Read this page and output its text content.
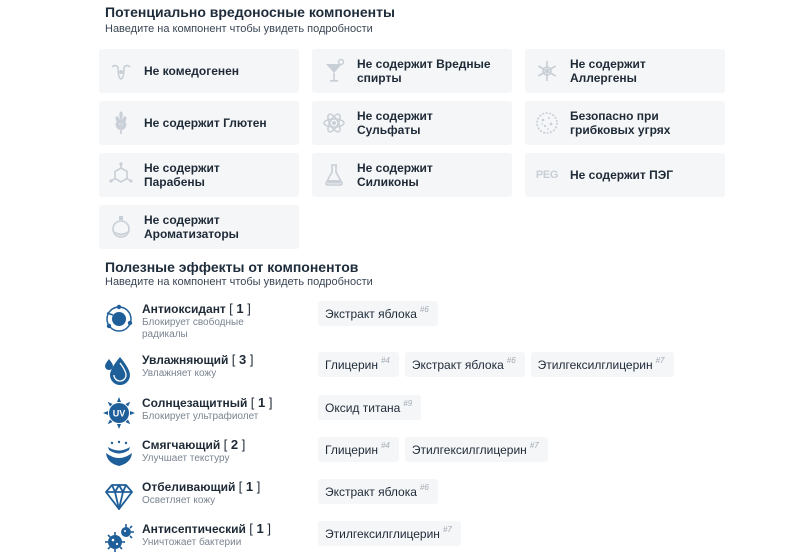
Потенциально вредоносные компоненты
Наведите на компонент чтобы увидеть подробности
Не комедогенен	Не содержит Вредные спирты
Не содержит Аллергены
Не содержит Глютен	Не содержит Сульфаты
Безопасно при грибковых угрях
Не содержит Парабены
Не содержит Силиконы	PEG Не содержит ПЭГ
Не содержит Ароматизаторы
Полезные эффекты от компонентов
Наведите на компонент чтобы увидеть подробности
Антиоксидант [ 1 ]
Блокирует свободные радикалы
Экстракт яблока #6
Увлажняющий [ 3 ]
Увлажняет кожу
Глицерин #4 Экстракт яблока #6 Этилгексилглицерин #7
UV
Солнцезащитный [ 1 ]
Блокирует ультрафиолет
Оксид титана #9
Смягчающий [ 2 ]
Улучшает текстуру
Глицерин #4 Этилгексилглицерин #7
Отбеливающий [ 1 ]
Осветляет кожу
Экстракт яблока #6
Антисептический [ 1 ]
Уничтожает бактерии
Этилгексилглицерин #7
